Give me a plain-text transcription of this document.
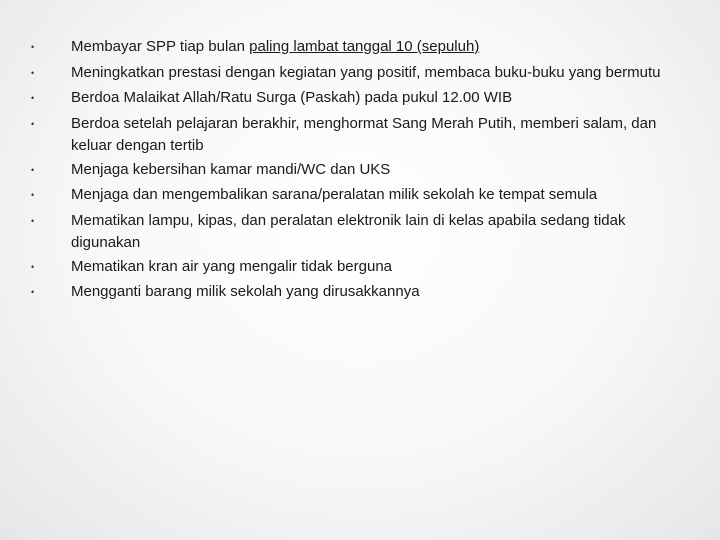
•	Membayar SPP tiap bulan paling lambat tanggal 10 (sepuluh)
•	Meningkatkan prestasi dengan kegiatan yang positif, membaca buku-buku yang bermutu
•	Berdoa Malaikat Allah/Ratu Surga (Paskah) pada pukul 12.00 WIB
•	Berdoa setelah pelajaran berakhir, menghormat Sang Merah Putih, memberi salam, dan keluar dengan tertib
•	Menjaga kebersihan kamar mandi/WC dan UKS
•	Menjaga dan mengembalikan sarana/peralatan milik sekolah ke tempat semula
•	Mematikan lampu, kipas, dan peralatan elektronik lain di kelas apabila sedang tidak digunakan
•	Mematikan kran air yang mengalir tidak berguna
•	Mengganti barang milik sekolah yang dirusakkannya
